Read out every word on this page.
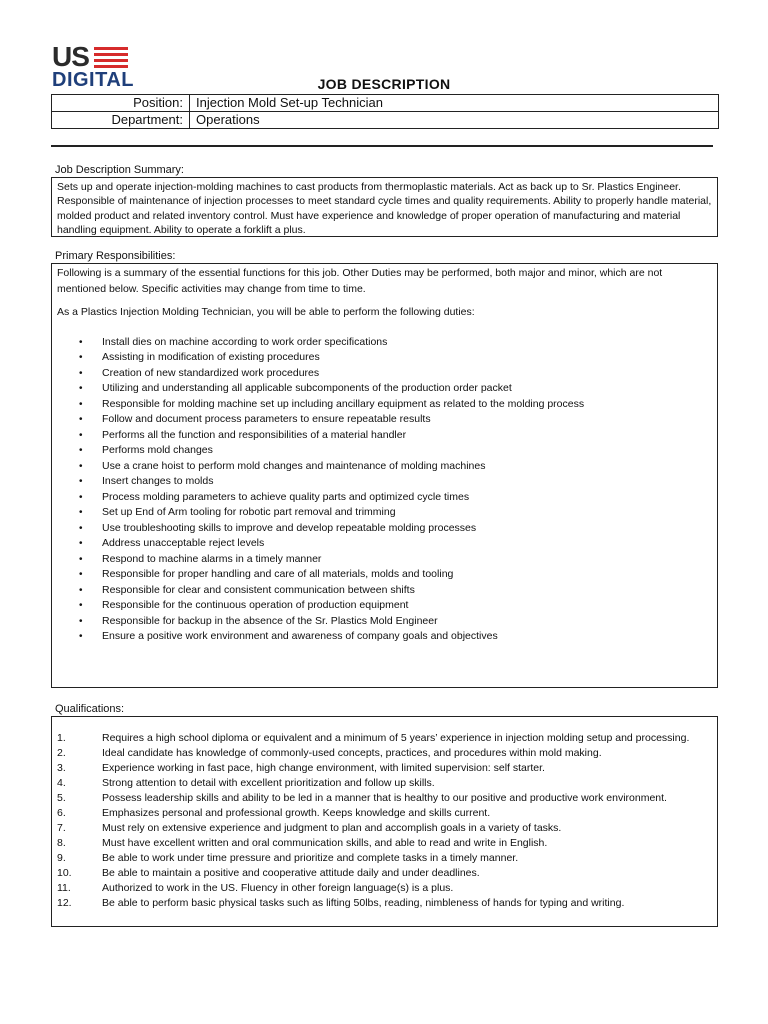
US
DIGITAL	JOB DESCRIPTION
Position:	Injection Mold Set-up Technician
Department:	Operations
Job Description Summary:
Sets up and operate injection-molding machines to cast products from thermoplastic materials. Act as back up to Sr. Plastics Engineer. Responsible of maintenance of injection processes to meet standard cycle times and quality requirements. Ability to properly handle material, molded product and related inventory control. Must have experience and knowledge of proper operation of manufacturing and material handling equipment. Ability to operate a forklift a plus.
Primary Responsibilities:

Following is a summary of the essential functions for this job. Other Duties may be performed, both major and minor, which are not mentioned below. Specific activities may change from time to time.

As a Plastics Injection Molding Technician, you will be able to perform the following duties:

• Install dies on machine according to work order specifications
• Assisting in modification of existing procedures
• Creation of new standardized work procedures
• Utilizing and understanding all applicable subcomponents of the production order packet
• Responsible for molding machine set up including ancillary equipment as related to the molding process
• Follow and document process parameters to ensure repeatable results
• Performs all the function and responsibilities of a material handler
• Performs mold changes
• Use a crane hoist to perform mold changes and maintenance of molding machines
• Insert changes to molds
• Process molding parameters to achieve quality parts and optimized cycle times
• Set up End of Arm tooling for robotic part removal and trimming
• Use troubleshooting skills to improve and develop repeatable molding processes
• Address unacceptable reject levels
• Respond to machine alarms in a timely manner
• Responsible for proper handling and care of all materials, molds and tooling
• Responsible for clear and consistent communication between shifts
• Responsible for the continuous operation of production equipment
• Responsible for backup in the absence of the Sr. Plastics Mold Engineer
• Ensure a positive work environment and awareness of company goals and objectives
Qualifications:
1.	Requires a high school diploma or equivalent and a minimum of 5 years’ experience in injection molding setup and processing.
2.	Ideal candidate has knowledge of commonly-used concepts, practices, and procedures within mold making.
3.	Experience working in fast pace, high change environment, with limited supervision: self starter.
4.	Strong attention to detail with excellent prioritization and follow up skills.
5.	Possess leadership skills and ability to be led in a manner that is healthy to our positive and productive work environment.
6.	Emphasizes personal and professional growth. Keeps knowledge and skills current.
7.	Must rely on extensive experience and judgment to plan and accomplish goals in a variety of tasks.
8.	Must have excellent written and oral communication skills, and able to read and write in English.
9.	Be able to work under time pressure and prioritize and complete tasks in a timely manner.
10.	Be able to maintain a positive and cooperative attitude daily and under deadlines.
11.	Authorized to work in the US. Fluency in other foreign language(s) is a plus.
12.	Be able to perform basic physical tasks such as lifting 50lbs, reading, nimbleness of hands for typing and writing.
